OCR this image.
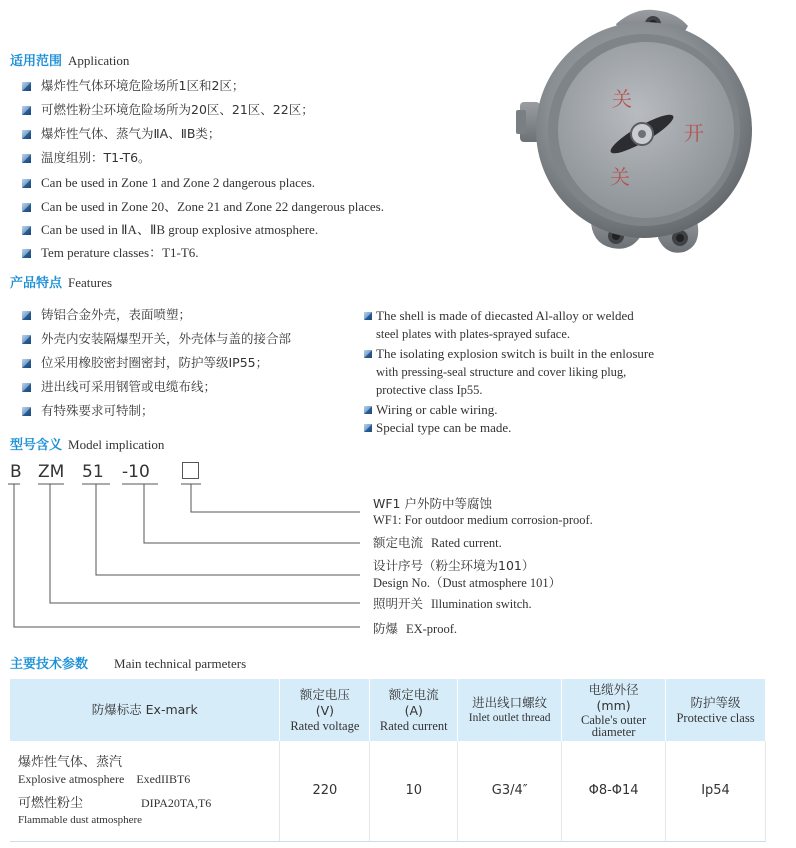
适用范围 Application
爆炸性气体环境危险场所1区和2区；
可燃性粉尘环境危险场所为20区、21区、22区；
爆炸性气体、蒸气为ⅡA、ⅡB类；
温度组别：T1-T6。
Can be used in Zone 1 and Zone 2 dangerous places.
Can be used in Zone 20、Zone 21 and Zone 22 dangerous places.
Can be used in ⅡA、ⅡB group explosive atmosphere.
Tem perature classes：T1-T6.
关
开
关
产品特点 Features
铸铝合金外壳，表面喷塑；
外壳内安装隔爆型开关，外壳体与盖的接合部
位采用橡胶密封圈密封，防护等级IP55；
进出线可采用钢管或电缆布线；
有特殊要求可特制；
The shell is made of diecasted Al-alloy or welded
steel plates with plates-sprayed suface.
The isolating explosion switch is built in the enlosure
with pressing-seal structure and cover liking plug,
protective class Ip55.
Wiring or cable wiring.
Special type can be made.
型号含义 Model implication
B ZM 51 -10
WF1 户外防中等腐蚀
WF1: For outdoor medium corrosion-proof.
额定电流 Rated current.
设计序号（粉尘环境为101）
Design No.（Dust atmosphere 101）
照明开关 Illumination switch.
防爆 EX-proof.
主要技术参数 Main technical parmeters
防爆标志 Ex-mark	额定电压
(V)
Rated voltage	额定电流
(A)
Rated current	进出线口螺纹
Inlet outlet thread	电缆外径
(mm)
Cable's outer diameter	防护等级
Protective class

爆炸性气体、蒸汽
Explosive atmosphere ExedIIBT6
可燃性粉尘 DIPA20TA,T6
Flammable dust atmosphere	220	10	G3/4″	Φ8-Φ14	Ip54
